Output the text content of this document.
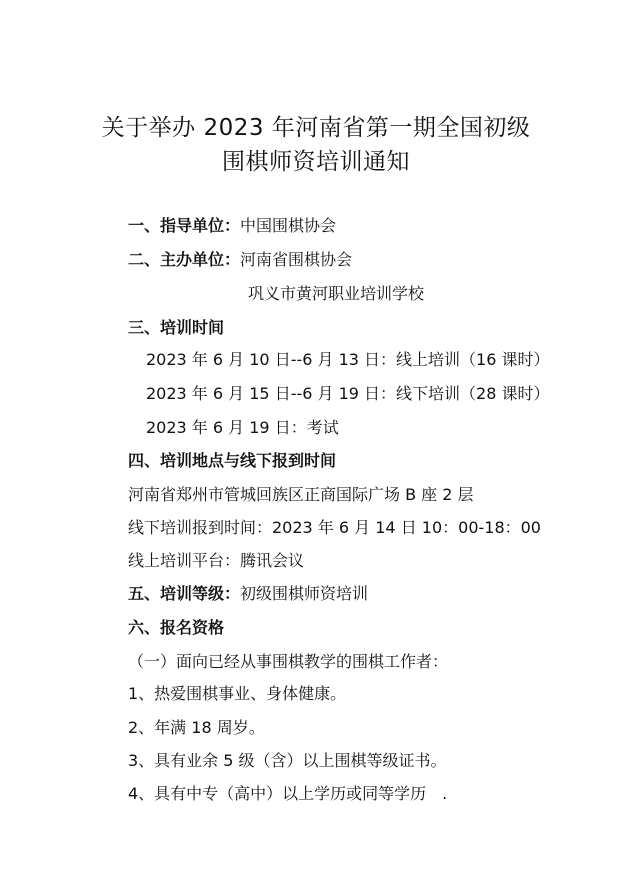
关于举办 2023 年河南省第一期全国初级
围棋师资培训通知
一、指导单位：中国围棋协会
二、主办单位：河南省围棋协会
巩义市黄河职业培训学校
三、培训时间
2023 年 6 月 10 日--6 月 13 日：线上培训（16 课时）
2023 年 6 月 15 日--6 月 19 日：线下培训（28 课时）
2023 年 6 月 19 日：考试
四、培训地点与线下报到时间
河南省郑州市管城回族区正商国际广场 B 座 2 层
线下培训报到时间：2023 年 6 月 14 日 10：00-18：00
线上培训平台：腾讯会议
五、培训等级：初级围棋师资培训
六、报名资格
（一）面向已经从事围棋教学的围棋工作者：
1、热爱围棋事业、身体健康。
2、年满 18 周岁。
3、具有业余 5 级（含）以上围棋等级证书。
4、具有中专（高中）以上学历或同等学历　.
